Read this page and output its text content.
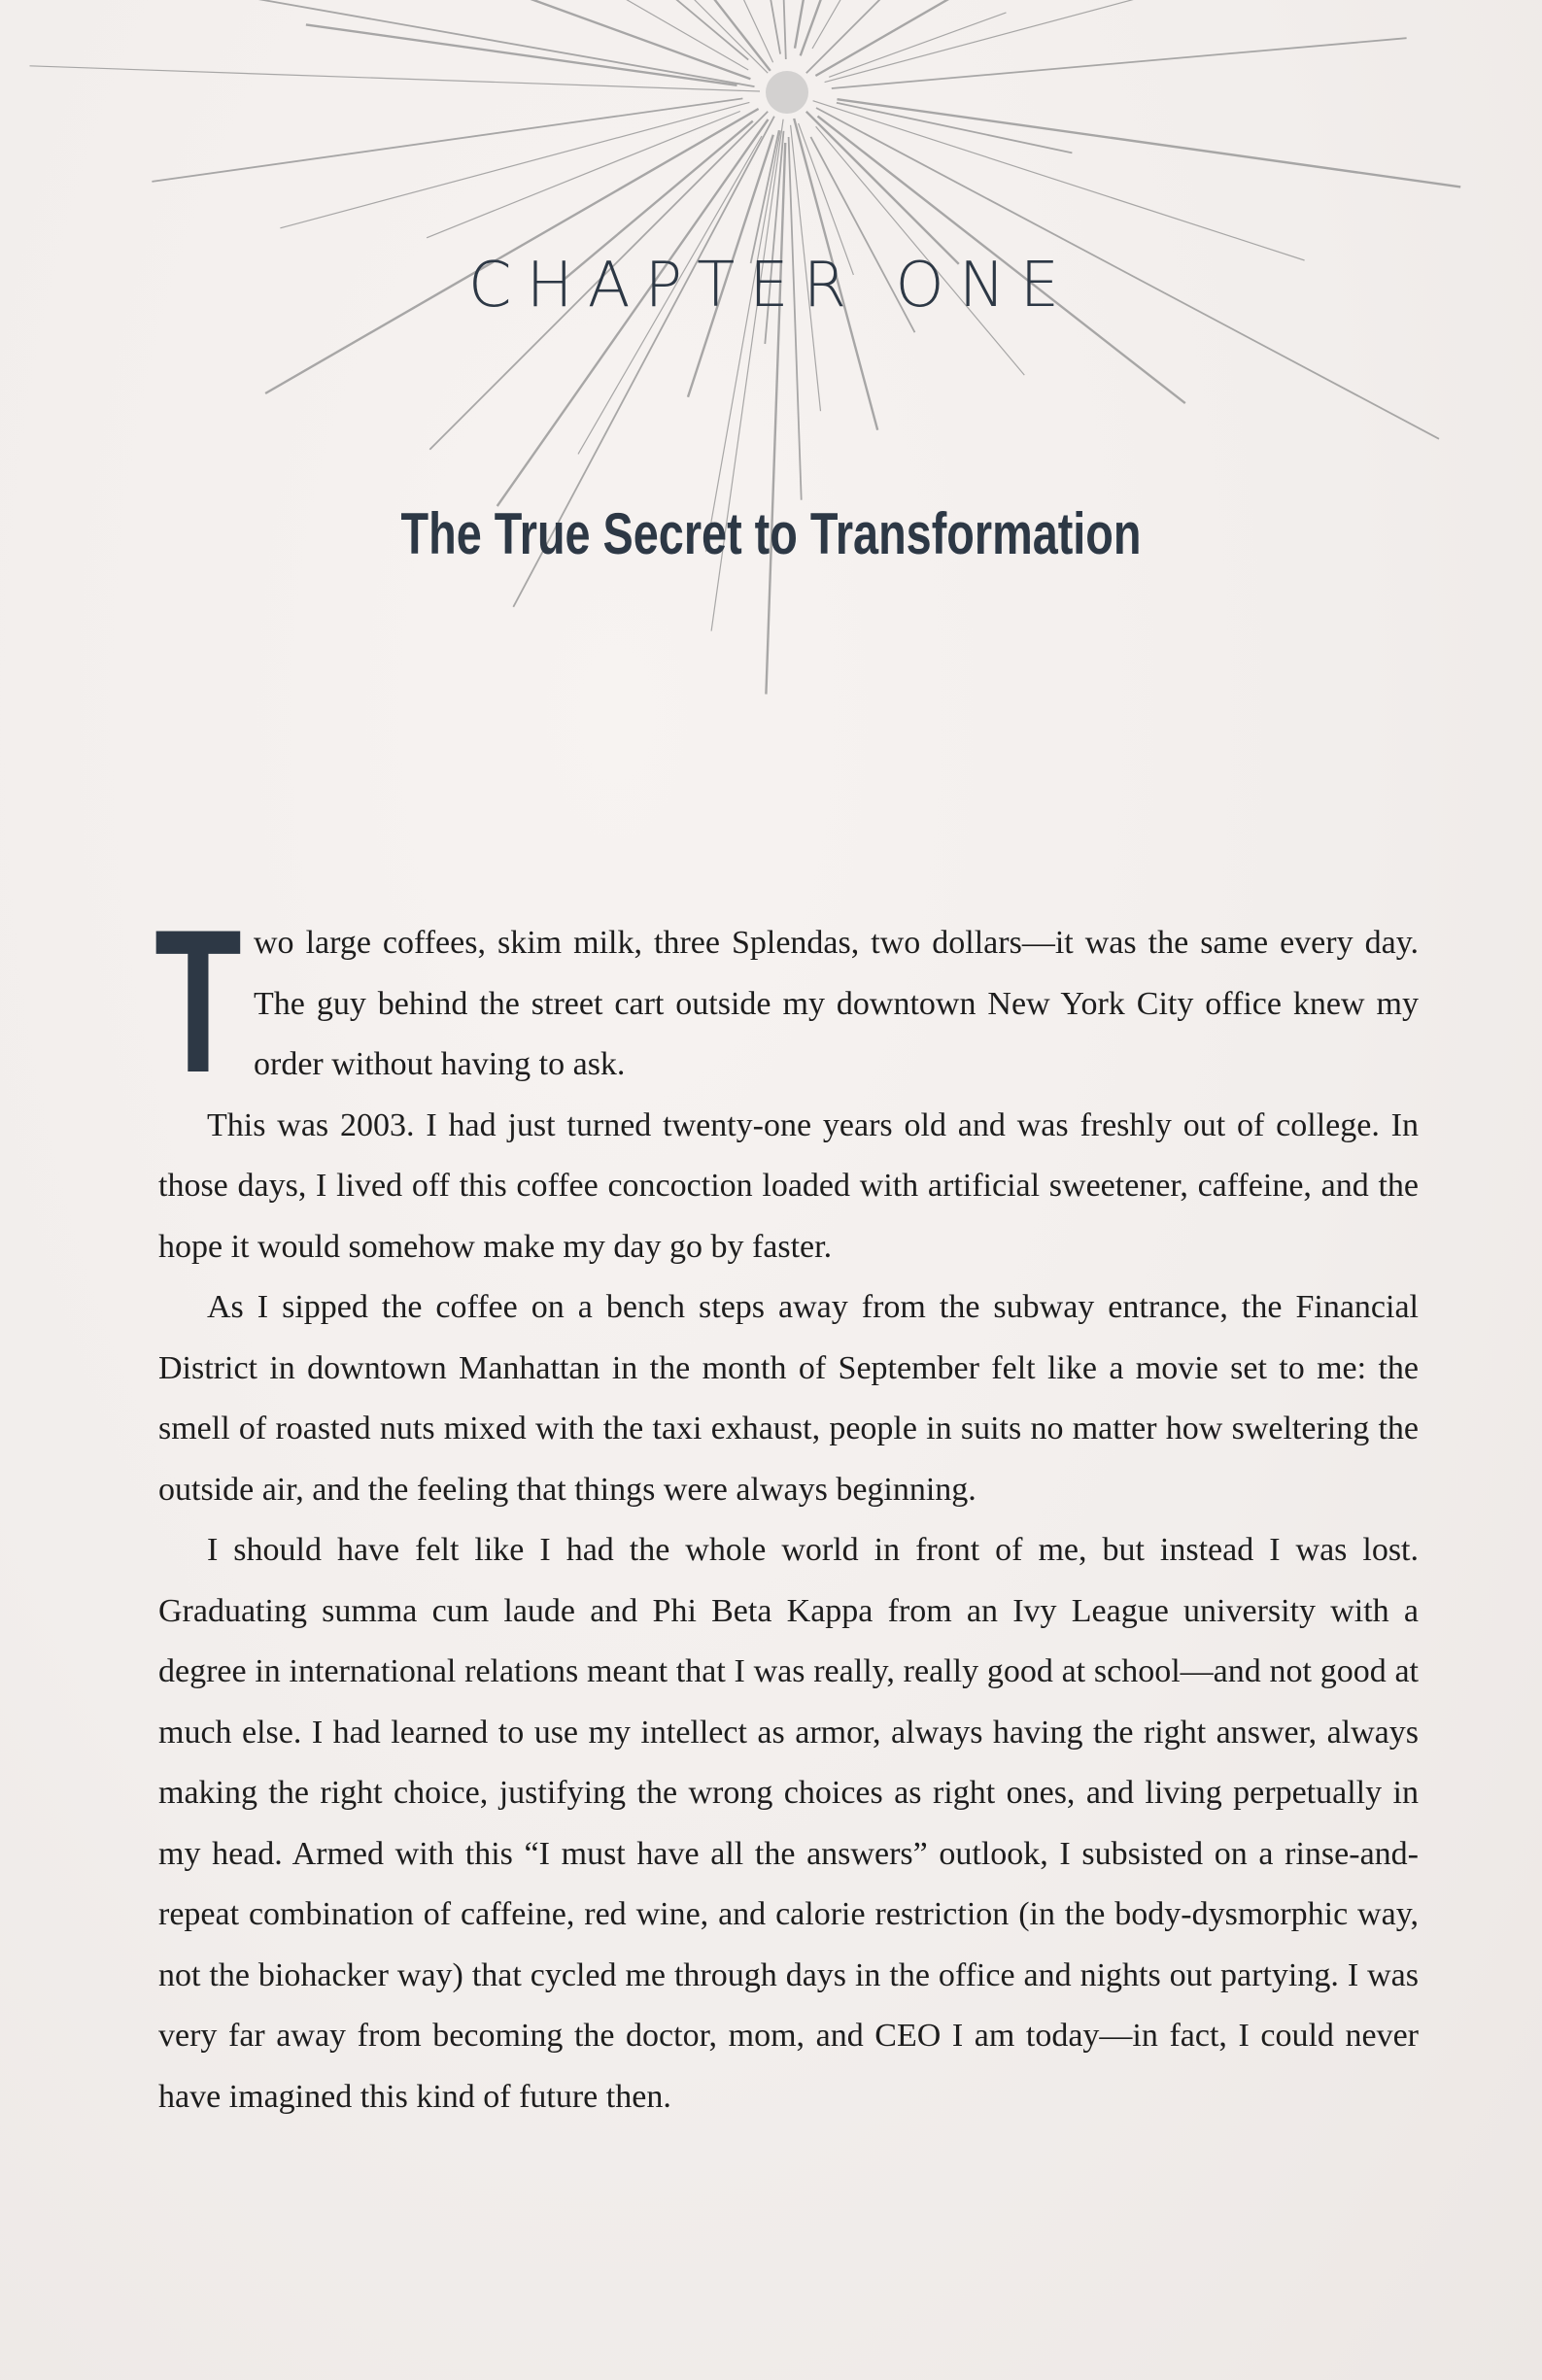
CHAPTER ONE
The True Secret to Transformation

Two large coffees, skim milk, three Splendas, two dollars—it was the same every day. The guy behind the street cart outside my downtown New York City office knew my order without having to ask.

This was 2003. I had just turned twenty-one years old and was freshly out of college. In those days, I lived off this coffee concoction loaded with artificial sweetener, caffeine, and the hope it would somehow make my day go by faster.

As I sipped the coffee on a bench steps away from the subway entrance, the Financial District in downtown Manhattan in the month of September felt like a movie set to me: the smell of roasted nuts mixed with the taxi exhaust, people in suits no matter how sweltering the outside air, and the feeling that things were always beginning.

I should have felt like I had the whole world in front of me, but instead I was lost. Graduating summa cum laude and Phi Beta Kappa from an Ivy League university with a degree in international relations meant that I was really, really good at school—and not good at much else. I had learned to use my intellect as armor, always having the right answer, always making the right choice, justifying the wrong choices as right ones, and living perpetually in my head. Armed with this “I must have all the answers” outlook, I subsisted on a rinse-and-repeat combination of caffeine, red wine, and calorie restriction (in the body-dysmorphic way, not the biohacker way) that cycled me through days in the office and nights out partying. I was very far away from becoming the doctor, mom, and CEO I am today—in fact, I could never have imagined this kind of future then.
